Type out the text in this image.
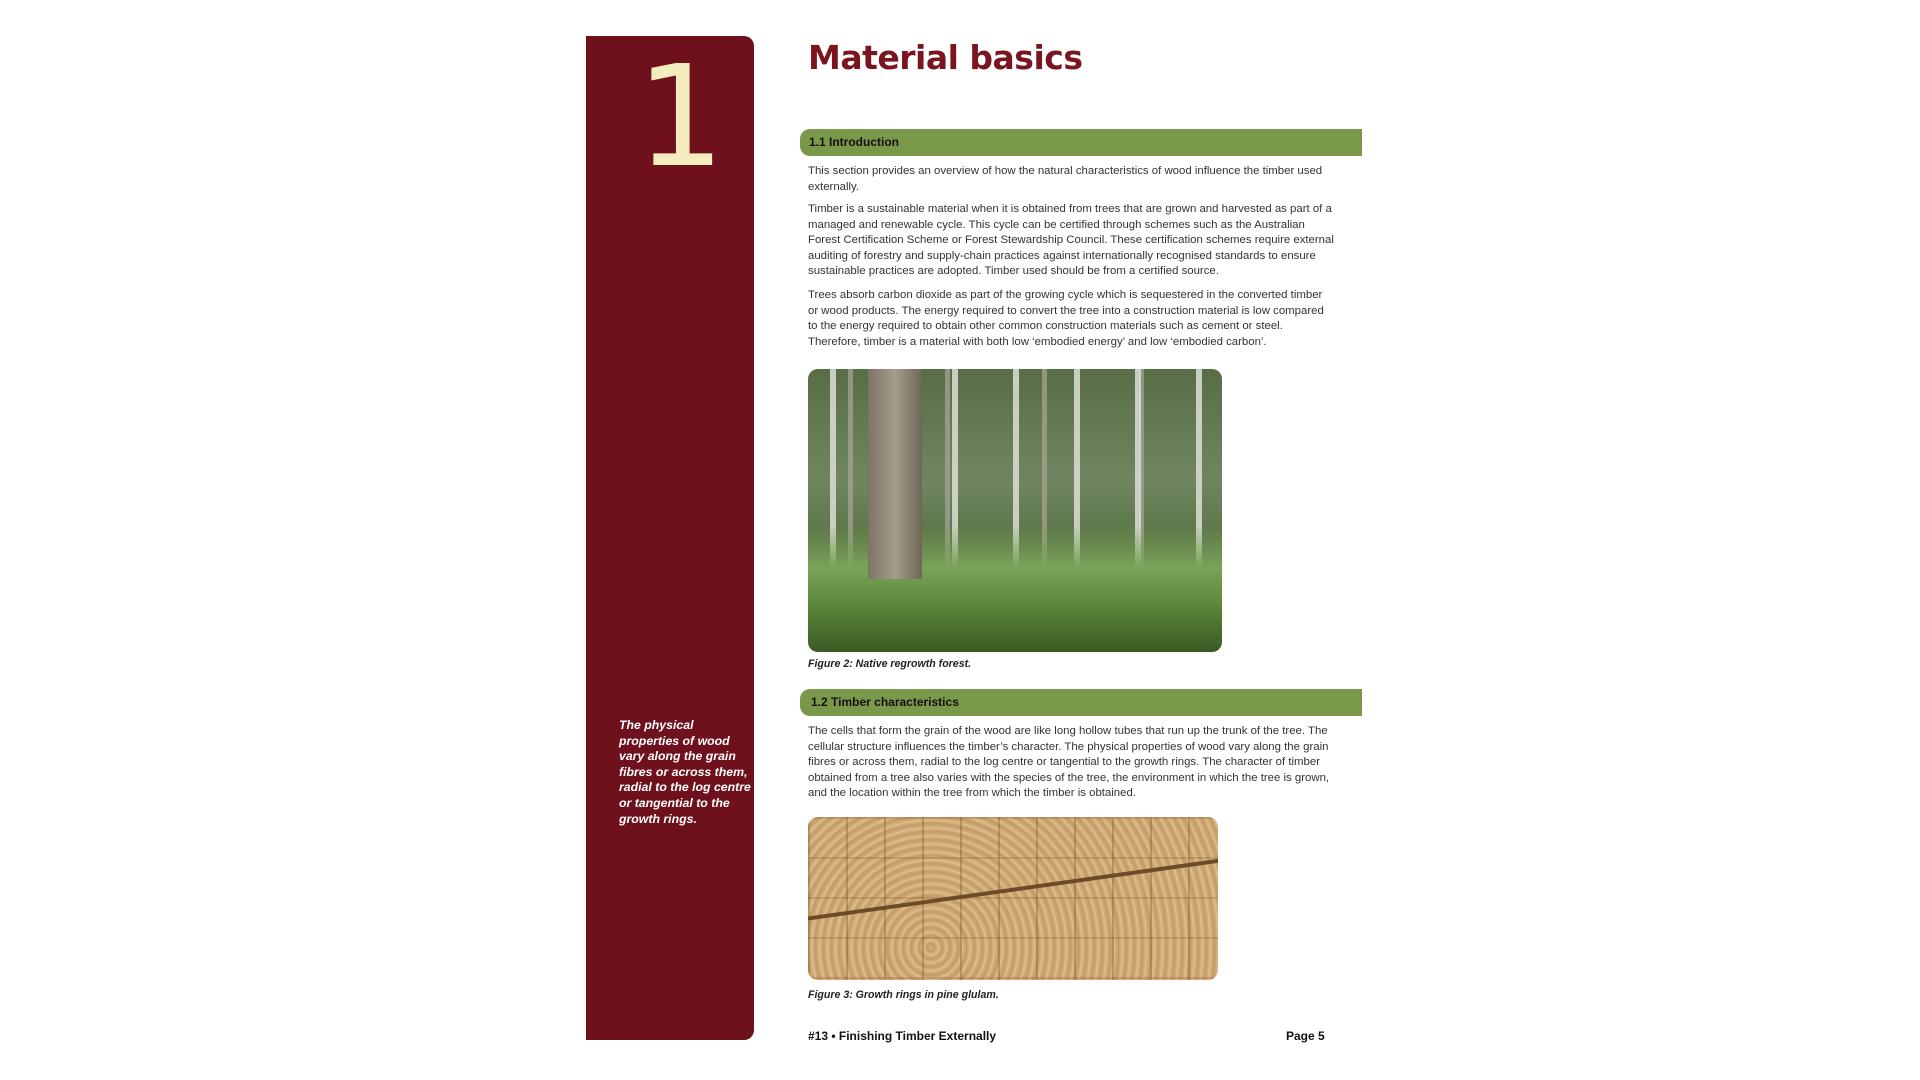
1
The physical properties of wood vary along the grain fibres or across them, radial to the log centre or tangential to the growth rings.
Material basics
1.1 Introduction

This section provides an overview of how the natural characteristics of wood influence the timber used externally.

Timber is a sustainable material when it is obtained from trees that are grown and harvested as part of a managed and renewable cycle. This cycle can be certified through schemes such as the Australian Forest Certification Scheme or Forest Stewardship Council. These certification schemes require external auditing of forestry and supply-chain practices against internationally recognised standards to ensure sustainable practices are adopted. Timber used should be from a certified source.

Trees absorb carbon dioxide as part of the growing cycle which is sequestered in the converted timber or wood products. The energy required to convert the tree into a construction material is low compared to the energy required to obtain other common construction materials such as cement or steel. Therefore, timber is a material with both low ‘embodied energy’ and low ‘embodied carbon’.

Figure 2: Native regrowth forest.
1.2 Timber characteristics

The cells that form the grain of the wood are like long hollow tubes that run up the trunk of the tree. The cellular structure influences the timber’s character. The physical properties of wood vary along the grain fibres or across them, radial to the log centre or tangential to the growth rings. The character of timber obtained from a tree also varies with the species of the tree, the environment in which the tree is grown, and the location within the tree from which the timber is obtained.

Figure 3: Growth rings in pine glulam.
#13 • Finishing Timber Externally	Page 5
